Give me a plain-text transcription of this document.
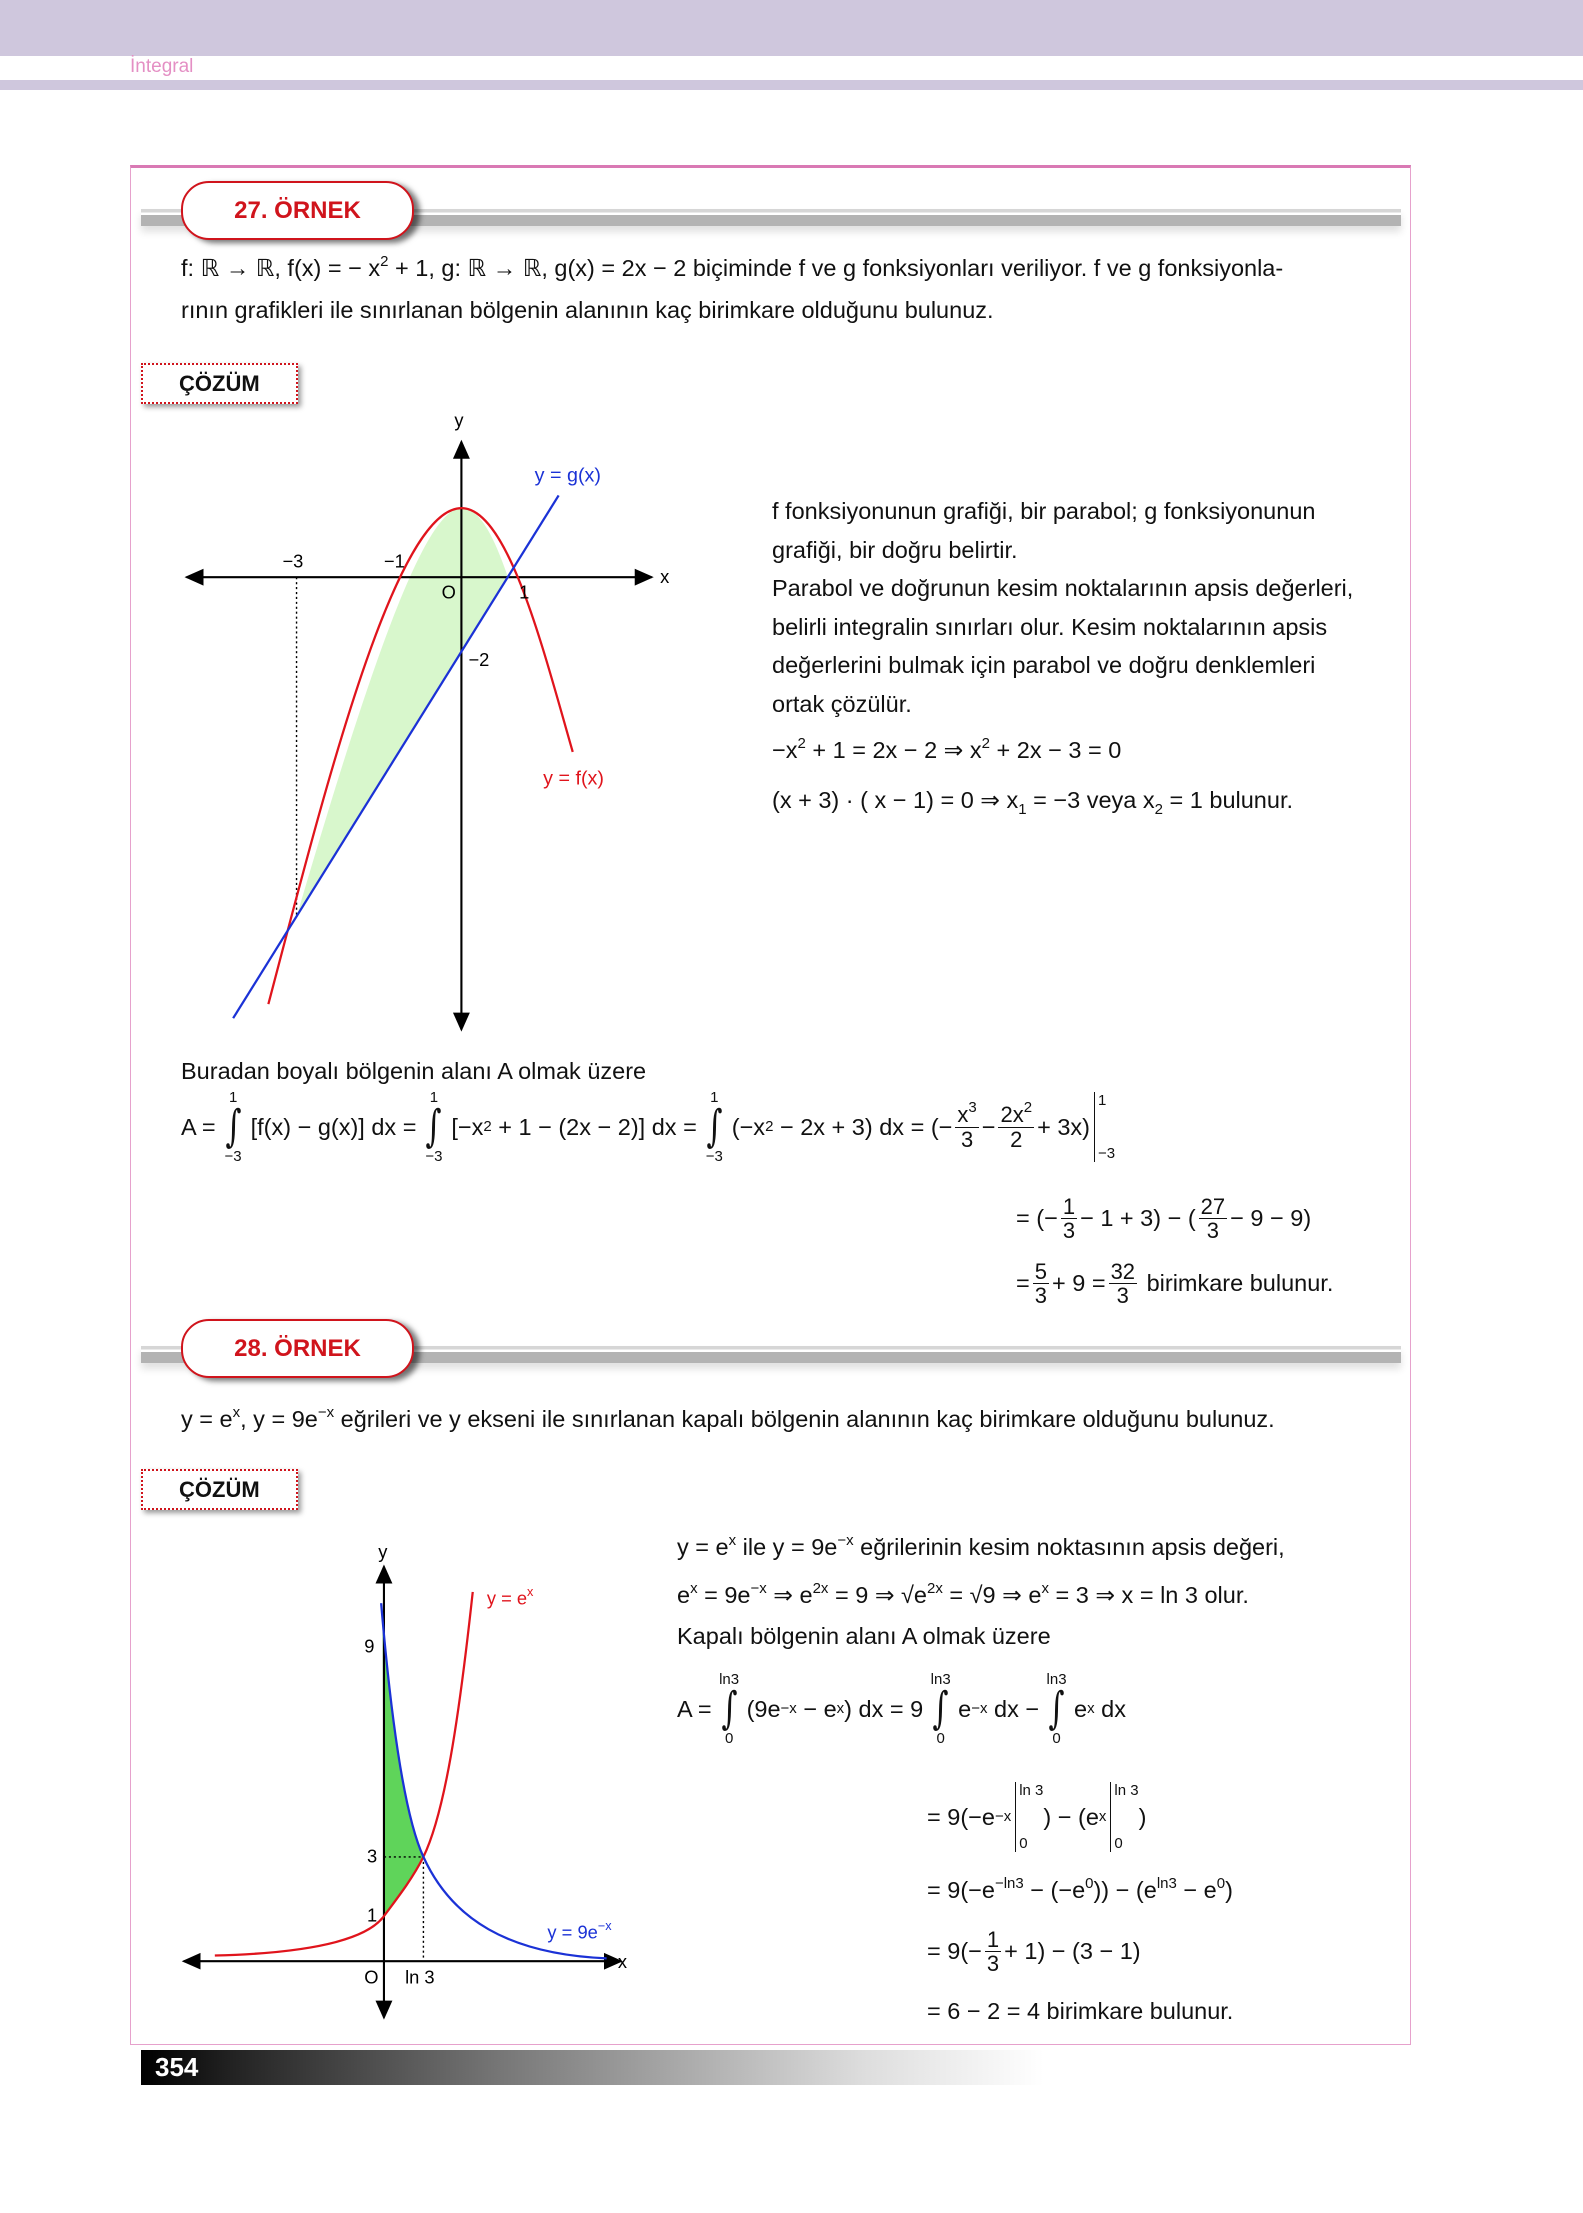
İntegral
27. ÖRNEK
f: ℝ → ℝ, f(x) = − $x^2 + 1$, g: ℝ → ℝ, g(x) = 2x − 2 biçiminde f ve g fonksiyonları veriliyor. f ve g fonksiyonla-
rının grafikleri ile sınırlanan bölgenin alanının kaç birimkare olduğunu bulunuz.
ÇÖZÜM
y
x
y = g(x)
y = f(x)
−3	−1
O	1
−2
f fonksiyonunun grafiği, bir parabol; g fonksiyonunun
grafiği, bir doğru belirtir.
Parabol ve doğrunun kesim noktalarının apsis değerleri,
belirli integralin sınırları olur. Kesim noktalarının apsis
değerlerini bulmak için parabol ve doğru denklemleri
ortak çözülür.
$-x^2 + 1 = 2x - 2$ ⇒ $x^2 + 2x - 3 = 0$
(x + 3) · ( x − 1) = 0 ⇒ $x_1 = -3$ veya $x_2 = 1$ bulunur.
Buradan boyalı bölgenin alanı A olmak üzere
A =
1
∫
−3
[f(x) − g(x)] dx =
1
∫
−3
[−x 2
+ 1 − (2x − 2)] dx =
1
∫
−3
(−x 2
− 2x + 3) dx =
(− $\frac{x^3}{3} - \frac{2x^2}{2} + 3x$)
1
−3
= (− $\frac{1}{3} - 1 + 3$) − ( $\frac{27}{3} - 9 - 9$)
= $\frac{5}{3} + 9 = \frac{32}{3}$
birimkare bulunur.
28. ÖRNEK
$y = e^x$, $y = 9e^{-x}$ eğrileri ve y ekseni ile sınırlanan kapalı bölgenin alanının kaç birimkare olduğunu bulunuz.
ÇÖZÜM
y
x
$y = e^x$
$y = 9e^{-x}$
9
3
1
O ln 3
$y = e^x$ ile $y = 9e^{-x}$ eğrilerinin kesim noktasının apsis değeri,
$e^x = 9e^{-x}$ ⇒ $e^{2x} = 9$ ⇒ $√e^{2x} = √9$ ⇒ $e^x = 3$ ⇒ x = ln 3 olur.
Kapalı bölgenin alanı A olmak üzere
A =
ln3
∫
0
(9e −x
− e x ) dx = 9
ln3
∫
0
e −x
dx −
ln3
∫
0
e x
dx
= 9(−e −x
ln 3
0
) − (e x
ln 3
0
)
= $9(-e^{-ln3} - (-e^0)) - (e^{ln3} - e^0)$
= $9(- \frac{1}{3} + 1) - (3 - 1)$
= 6 − 2 = 4 birimkare bulunur.
354
